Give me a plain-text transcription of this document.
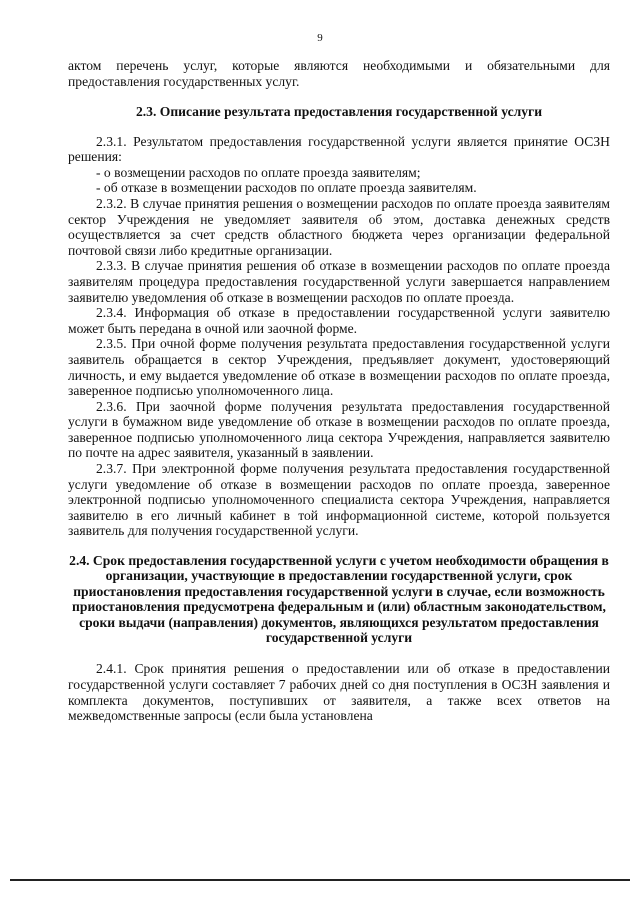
9

актом перечень услуг, которые являются необходимыми и обязательными для предоставления государственных услуг.

2.3. Описание результата предоставления государственной услуги

2.3.1. Результатом предоставления государственной услуги является принятие ОСЗН решения:

- о возмещении расходов по оплате проезда заявителям;

- об отказе в возмещении расходов по оплате проезда заявителям.

2.3.2. В случае принятия решения о возмещении расходов по оплате проезда заявителям сектор Учреждения не уведомляет заявителя об этом, доставка денежных средств осуществляется за счет средств областного бюджета через организации федеральной почтовой связи либо кредитные организации.

2.3.3. В случае принятия решения об отказе в возмещении расходов по оплате проезда заявителям процедура предоставления государственной услуги завершается направлением заявителю уведомления об отказе в возмещении расходов по оплате проезда.

2.3.4. Информация об отказе в предоставлении государственной услуги заявителю может быть передана в очной или заочной форме.

2.3.5. При очной форме получения результата предоставления государственной услуги заявитель обращается в сектор Учреждения, предъявляет документ, удостоверяющий личность, и ему выдается уведомление об отказе в возмещении расходов по оплате проезда, заверенное подписью уполномоченного лица.

2.3.6. При заочной форме получения результата предоставления государственной услуги в бумажном виде уведомление об отказе в возмещении расходов по оплате проезда, заверенное подписью уполномоченного лица сектора Учреждения, направляется заявителю по почте на адрес заявителя, указанный в заявлении.

2.3.7. При электронной форме получения результата предоставления государственной услуги уведомление об отказе в возмещении расходов по оплате проезда, заверенное электронной подписью уполномоченного специалиста сектора Учреждения, направляется заявителю в его личный кабинет в той информационной системе, которой пользуется заявитель для получения государственной услуги.

2.4. Срок предоставления государственной услуги с учетом необходимости обращения в организации, участвующие в предоставлении государственной услуги, срок приостановления предоставления государственной услуги в случае, если возможность приостановления предусмотрена федеральным и (или) областным законодательством, сроки выдачи (направления) документов, являющихся результатом предоставления государственной услуги

2.4.1. Срок принятия решения о предоставлении или об отказе в предоставлении государственной услуги составляет 7 рабочих дней со дня поступления в ОСЗН заявления и комплекта документов, поступивших от заявителя, а также всех ответов на межведомственные запросы (если была установлена
